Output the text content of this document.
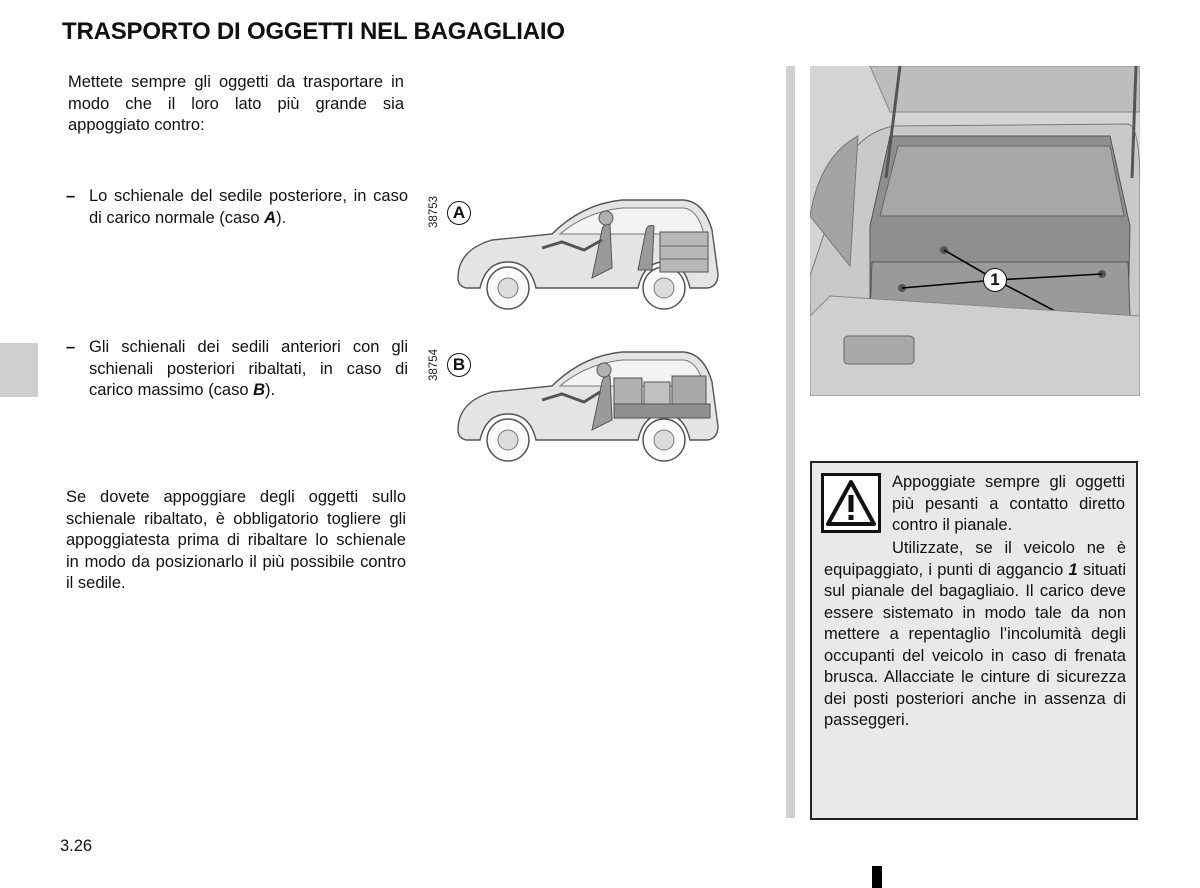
TRASPORTO DI OGGETTI NEL BAGAGLIAIO
Mettete sempre gli oggetti da trasportare in modo che il loro lato più grande sia appoggiato contro:
– Lo schienale del sedile posteriore, in caso di carico normale (caso A).
– Gli schienali dei sedili anteriori con gli schienali posteriori ribaltati, in caso di carico massimo (caso B).
Se dovete appoggiare degli oggetti sullo schienale ribaltato, è obbligatorio togliere gli appoggiatesta prima di ribaltare lo schienale in modo da posizionarlo il più possibile contro il sedile.
38753 A
38754 B
1
Appoggiate sempre gli oggetti più pesanti a contatto diretto contro il pianale.
Utilizzate, se il veicolo ne è equipaggiato, i punti di aggancio 1 situati sul pianale del bagagliaio. Il carico deve essere sistemato in modo tale da non mettere a repentaglio l’incolumità degli occupanti del veicolo in caso di frenata brusca. Allacciate le cinture di sicurezza dei posti posteriori anche in assenza di passeggeri.
3.26
